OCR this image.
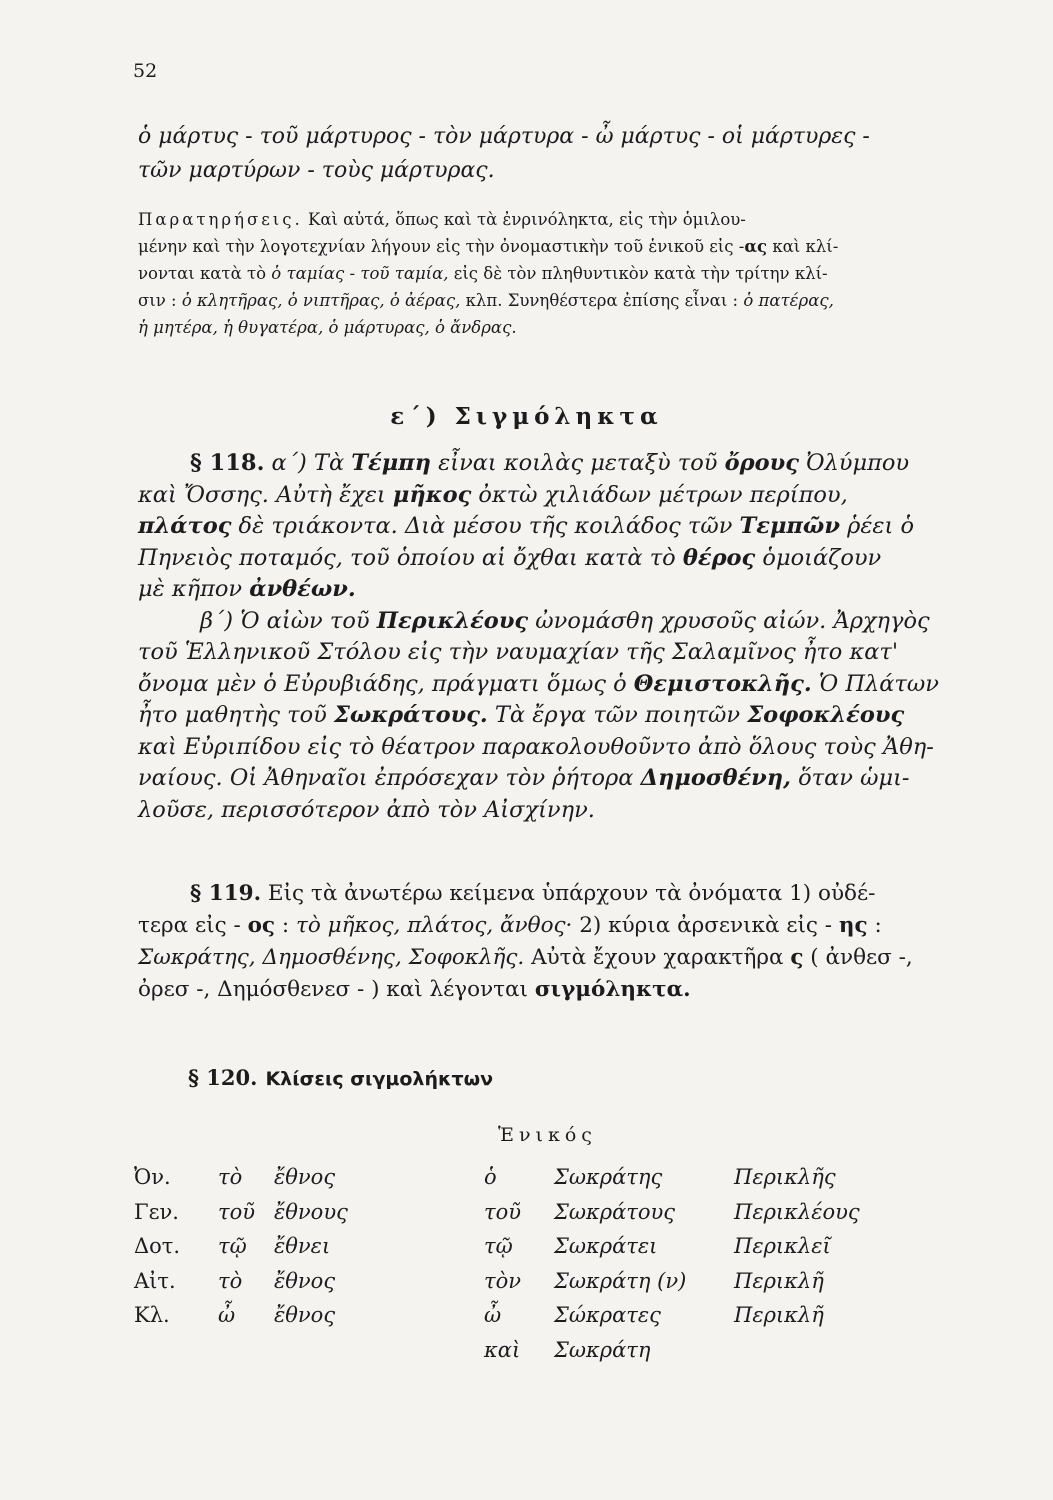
52
ὁ μάρτυς - τοῦ μάρτυρος - τὸν μάρτυρα - ὦ μάρτυς - οἱ μάρτυρες -
τῶν μαρτύρων - τοὺς μάρτυρας.
Παρατηρήσεις. Καὶ αὐτά, ὅπως καὶ τὰ ἐνρινόληκτα, εἰς τὴν ὁμιλου-
μένην καὶ τὴν λογοτεχνίαν λήγουν εἰς τὴν ὀνομαστικὴν τοῦ ἑνικοῦ εἰς -ας καὶ κλί-
νονται κατὰ τὸ ὁ ταμίας - τοῦ ταμία, εἰς δὲ τὸν πληθυντικὸν κατὰ τὴν τρίτην κλί-
σιν : ὁ κλητῆρας, ὁ νιπτῆρας, ὁ ἀέρας, κλπ. Συνηθέστερα ἐπίσης εἶναι : ὁ πατέρας,
ἡ μητέρα, ἡ θυγατέρα, ὁ μάρτυρας, ὁ ἄνδρας.
ε΄) Σιγμόληκτα
§ 118. α΄) Τὰ Τέμπη εἶναι κοιλὰς μεταξὺ τοῦ ὄρους Ὀλύμπου
καὶ Ὄσσης. Αὐτὴ ἔχει μῆκος ὀκτὼ χιλιάδων μέτρων περίπου,
πλάτος δὲ τριάκοντα. Διὰ μέσου τῆς κοιλάδος τῶν Τεμπῶν ῥέει ὁ
Πηνειὸς ποταμός, τοῦ ὁποίου αἱ ὄχθαι κατὰ τὸ θέρος ὁμοιάζουν
μὲ κῆπον ἀνθέων.
β΄) Ὁ αἰὼν τοῦ Περικλέους ὠνομάσθη χρυσοῦς αἰών. Ἀρχηγὸς
τοῦ Ἑλληνικοῦ Στόλου εἰς τὴν ναυμαχίαν τῆς Σαλαμῖνος ἦτο κατ'
ὄνομα μὲν ὁ Εὐρυβιάδης, πράγματι ὅμως ὁ Θεμιστοκλῆς. Ὁ Πλάτων
ἦτο μαθητὴς τοῦ Σωκράτους. Τὰ ἔργα τῶν ποιητῶν Σοφοκλέους
καὶ Εὐριπίδου εἰς τὸ θέατρον παρακολουθοῦντο ἀπὸ ὅλους τοὺς Ἀθη-
ναίους. Οἱ Ἀθηναῖοι ἐπρόσεχαν τὸν ῥήτορα Δημοσθένη, ὅταν ὡμι-
λοῦσε, περισσότερον ἀπὸ τὸν Αἰσχίνην.
§ 119. Εἰς τὰ ἀνωτέρω κείμενα ὑπάρχουν τὰ ὀνόματα 1) οὐδέ-
τερα εἰς - ος : τὸ μῆκος, πλάτος, ἄνθος· 2) κύρια ἀρσενικὰ εἰς - ης :
Σωκράτης, Δημοσθένης, Σοφοκλῆς. Αὐτὰ ἔχουν χαρακτῆρα ς ( ἀνθεσ -,
ὀρεσ -, Δημόσθενεσ - ) καὶ λέγονται σιγμόληκτα.
§ 120. Κλίσεις σιγμολήκτων
Ἑνικός
Ὀν.	τὸ	ἔθνος	ὁ	Σωκράτης	Περικλῆς
Γεν.	τοῦ	ἔθνους	τοῦ	Σωκράτους	Περικλέους
Δοτ.	τῷ	ἔθνει	τῷ	Σωκράτει	Περικλεῖ
Αἰτ.	τὸ	ἔθνος	τὸν	Σωκράτη (ν)	Περικλῆ
Κλ.	ὦ	ἔθνος	ὦ	Σώκρατες	Περικλῆ
			καὶ	Σωκράτη	
